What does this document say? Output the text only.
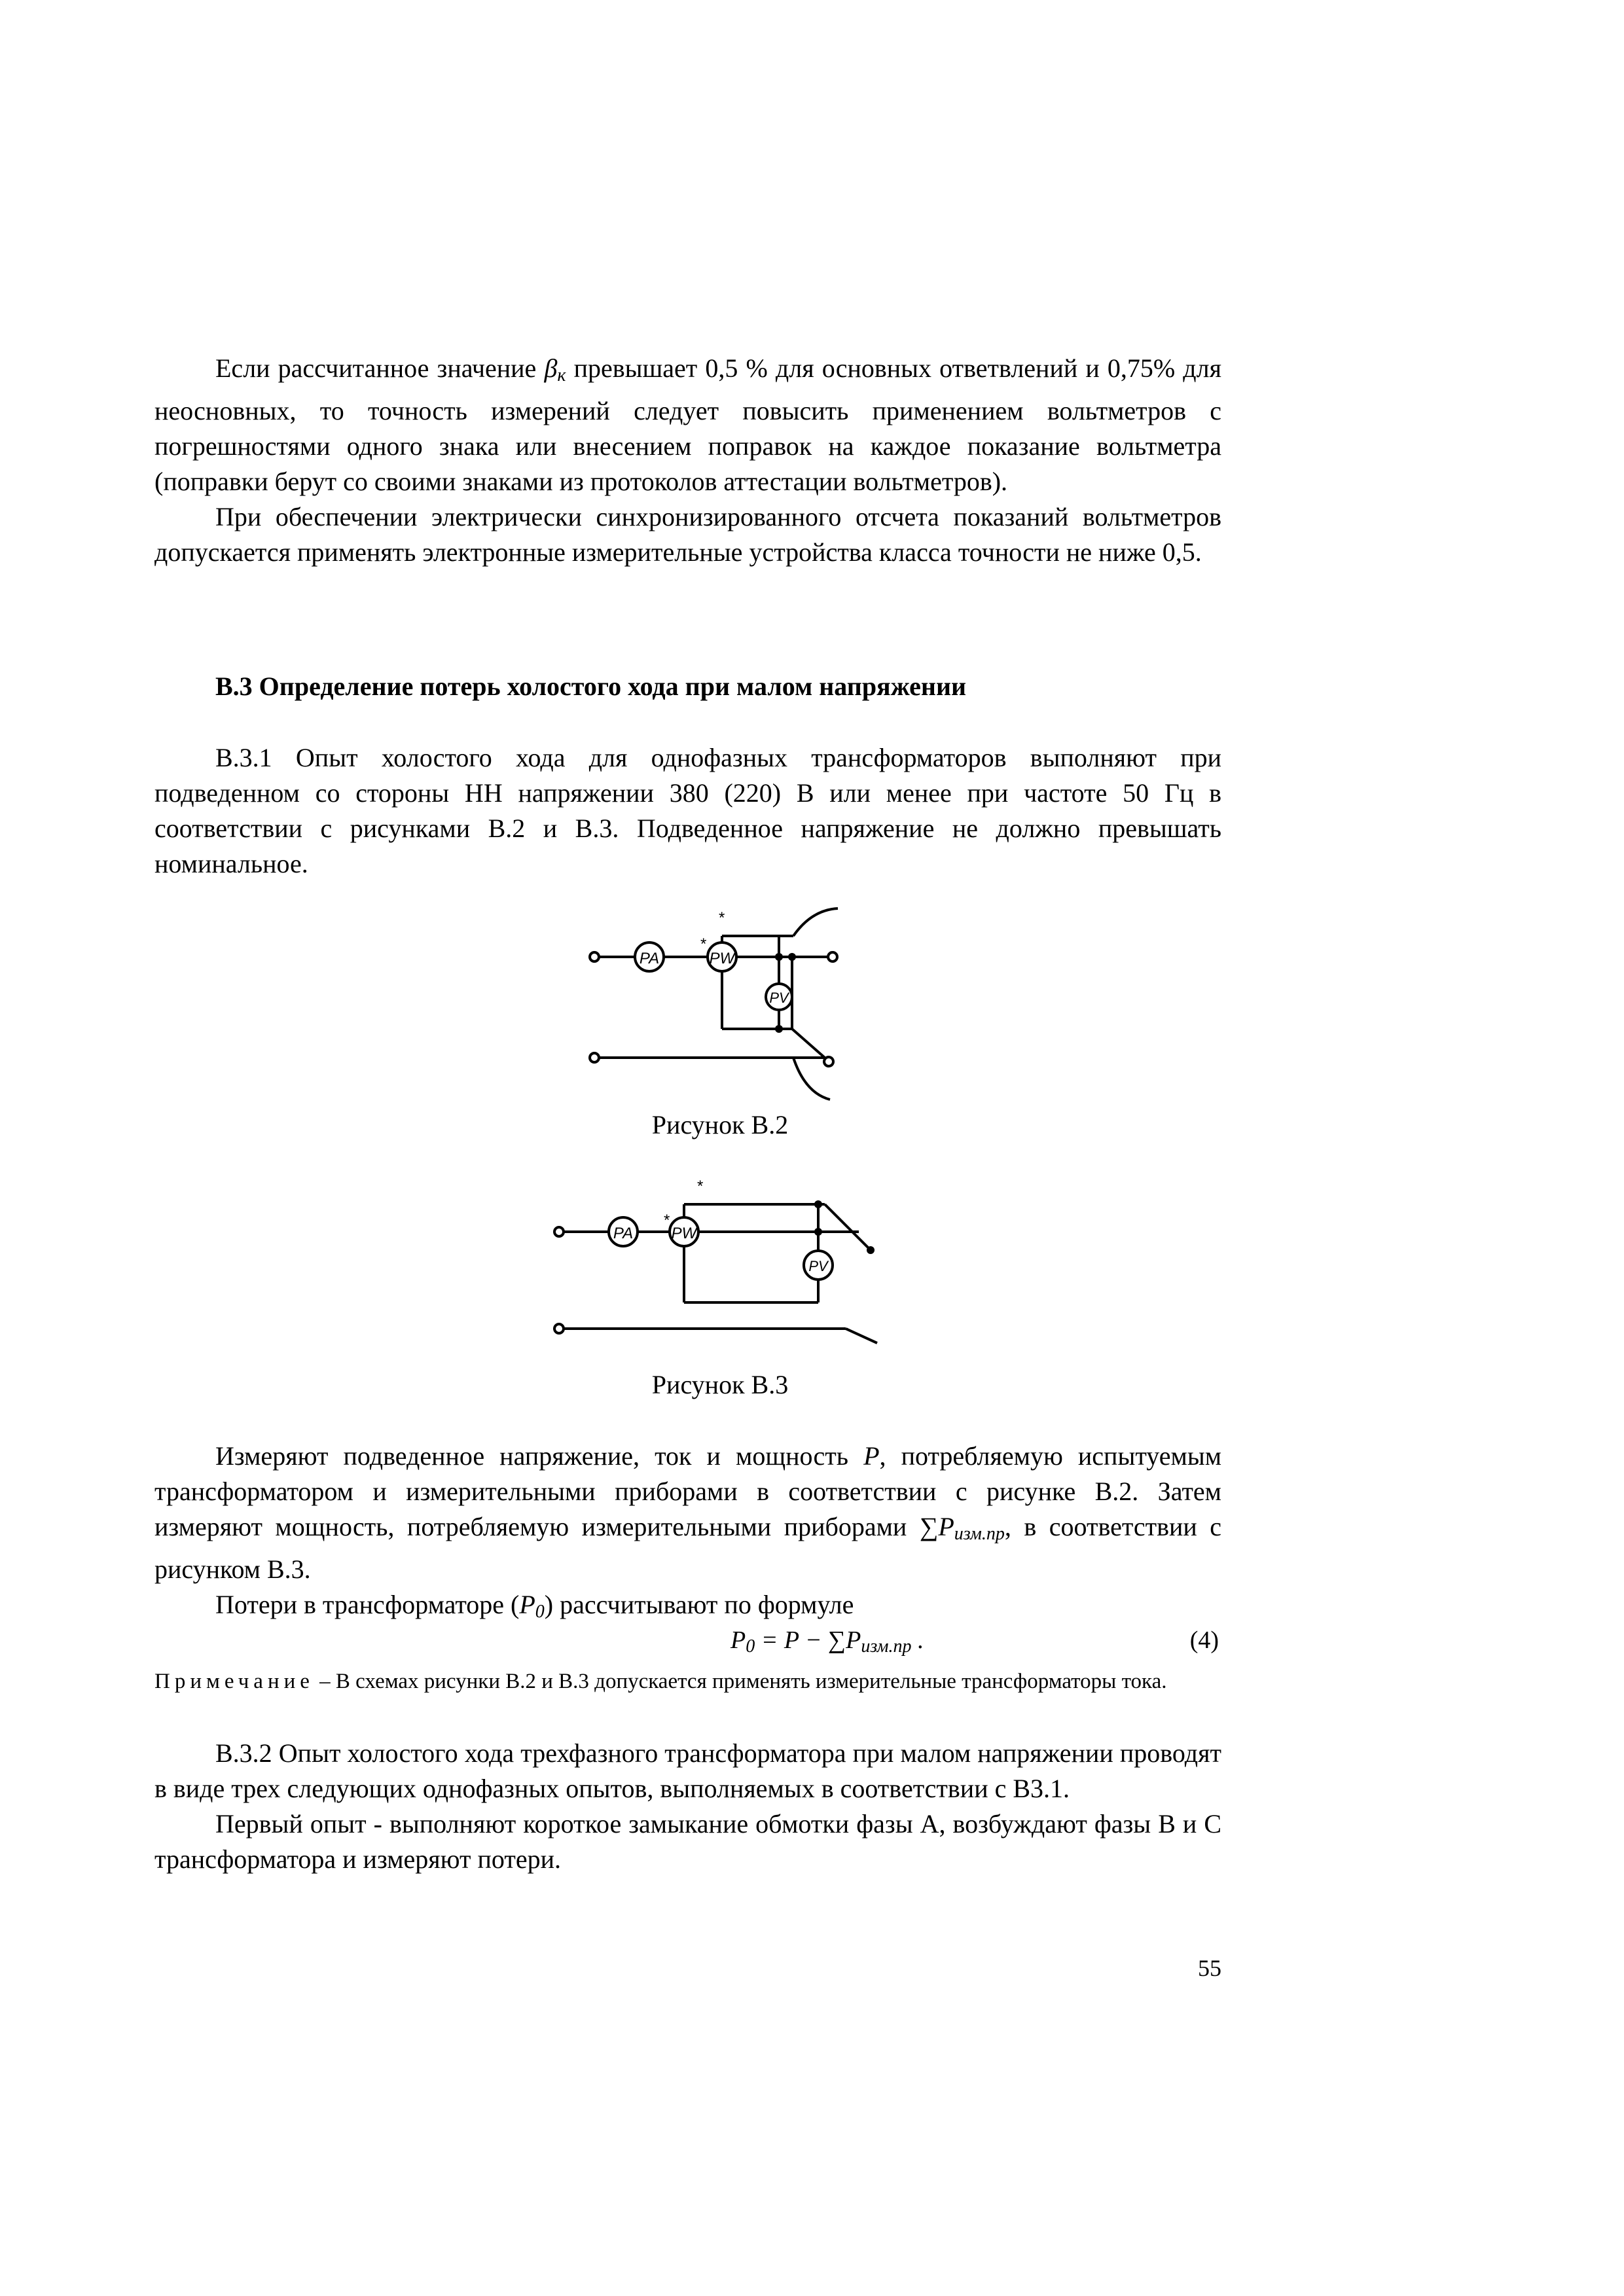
Если рассчитанное значение $\beta_к$ превышает 0,5 % для основных ответвлений и 0,75% для неосновных, то точность измерений следует повысить применением вольтметров с погрешностями одного знака или внесением поправок на каждое показание вольтметра (поправки берут со своими знаками из протоколов аттестации вольтметров).

При обеспечении электрически синхронизированного отсчета показаний вольтметров допускается применять электронные измерительные устройства класса точности не ниже 0,5.

В.3 Определение потерь холостого хода при малом напряжении

В.3.1 Опыт холостого хода для однофазных трансформаторов выполняют при подведенном со стороны НН напряжении 380 (220) В или менее при частоте 50 Гц в соответствии с рисунками В.2 и В.3. Подведенное напряжение не должно превышать номинальное.

PA	PW
PV
*
*
Рисунок В.2
PA PW
PV
*
*
Рисунок В.3

Измеряют подведенное напряжение, ток и мощность P, потребляемую испытуемым трансформатором и измерительными приборами в соответствии с рисунке В.2. Затем измеряют мощность, потребляемую измерительными приборами $\sum P_{изм.пр}$, в соответствии с рисунком В.3.

Потери в трансформаторе $(P_0)$ рассчитывают по формуле

$P_0 = P - \sum P_{изм.пр}$ .	(4)
Примечание – В схемах рисунки В.2 и В.3 допускается применять измерительные трансформаторы тока.

В.3.2 Опыт холостого хода трехфазного трансформатора при малом напряжении проводят в виде трех следующих однофазных опытов, выполняемых в соответствии с В3.1.

Первый опыт - выполняют короткое замыкание обмотки фазы А, возбуждают фазы В и С трансформатора и измеряют потери.

55
